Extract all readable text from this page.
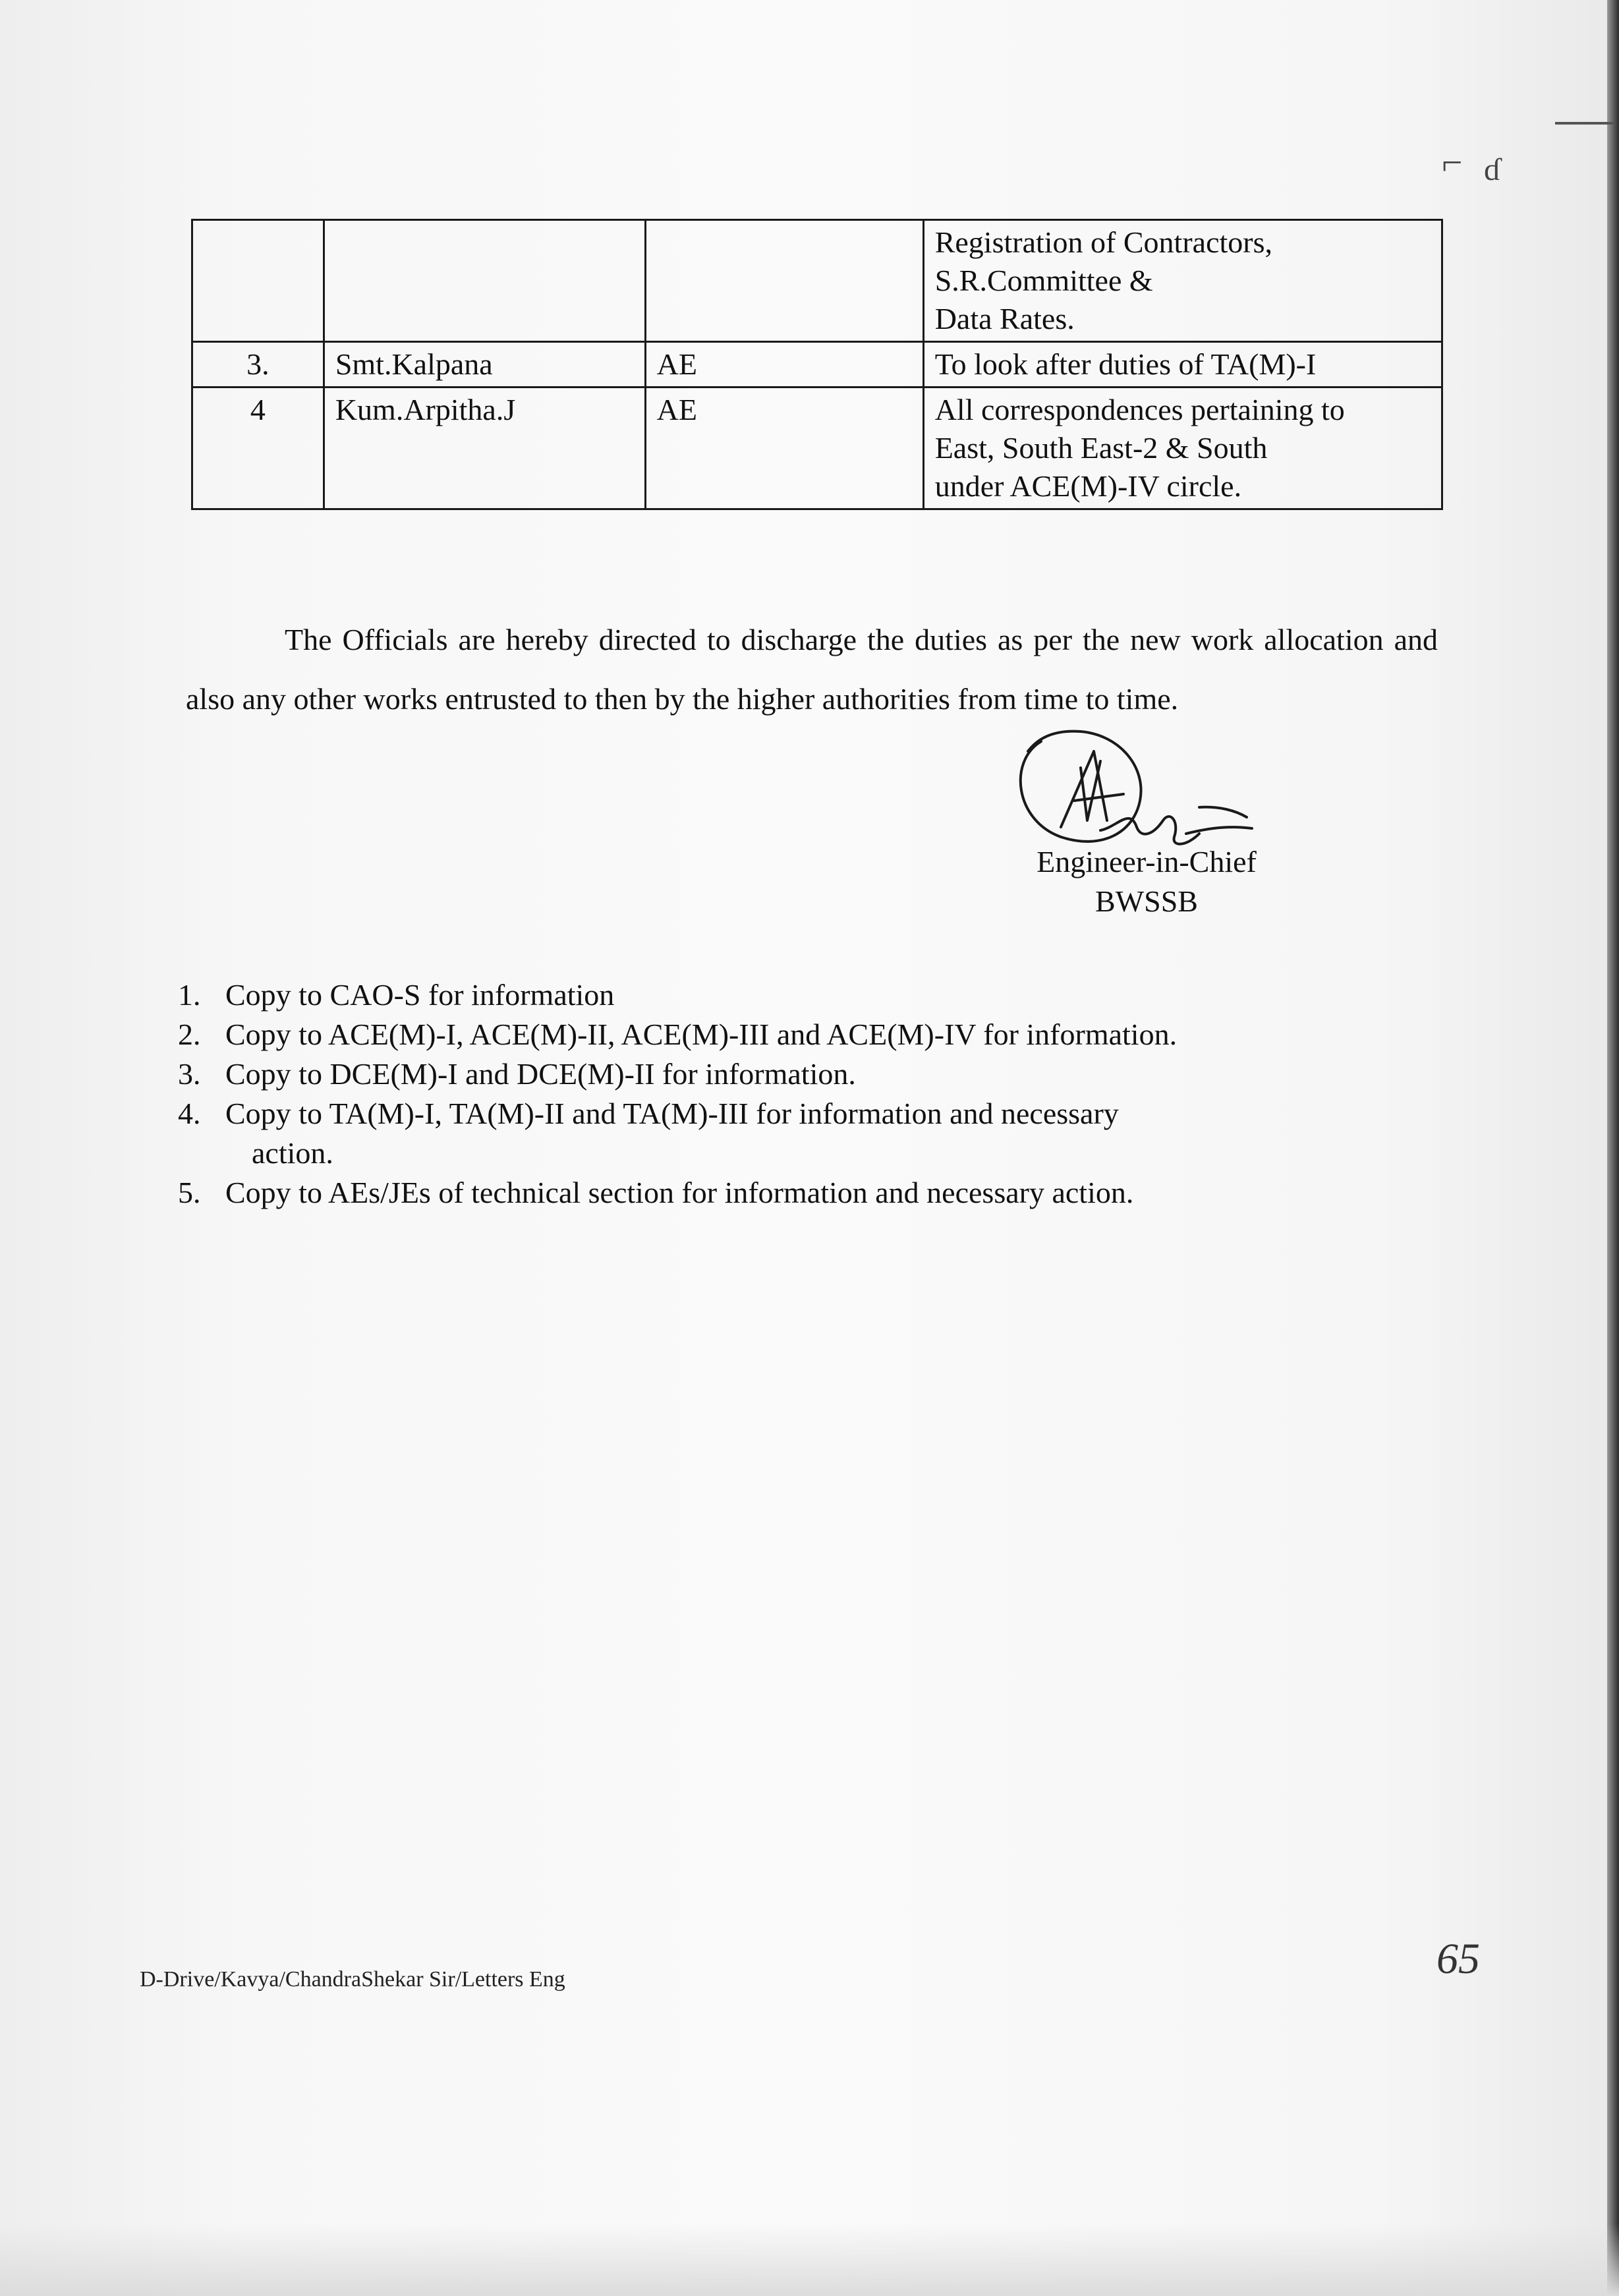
⌐ ɗ

			Registration of Contractors,
S.R.Committee &
Data Rates.

3.	Smt.Kalpana	AE	To look after duties of TA(M)-I

4	Kum.Arpitha.J	AE	All correspondences pertaining to
East, South East-2 & South
under ACE(M)-IV circle.

The Officials are hereby directed to discharge the duties as per the new work allocation and also any other works entrusted to then by the higher authorities from time to time.

Engineer-in-Chief
BWSSB
1. Copy to CAO-S for information
2. Copy to ACE(M)-I, ACE(M)-II, ACE(M)-III and ACE(M)-IV for information.
3. Copy to DCE(M)-I and DCE(M)-II for information.
4. Copy to TA(M)-I, TA(M)-II and TA(M)-III for information and necessary
action.
5. Copy to AEs/JEs of technical section for information and necessary action.
D-Drive/Kavya/ChandraShekar Sir/Letters Eng	65
